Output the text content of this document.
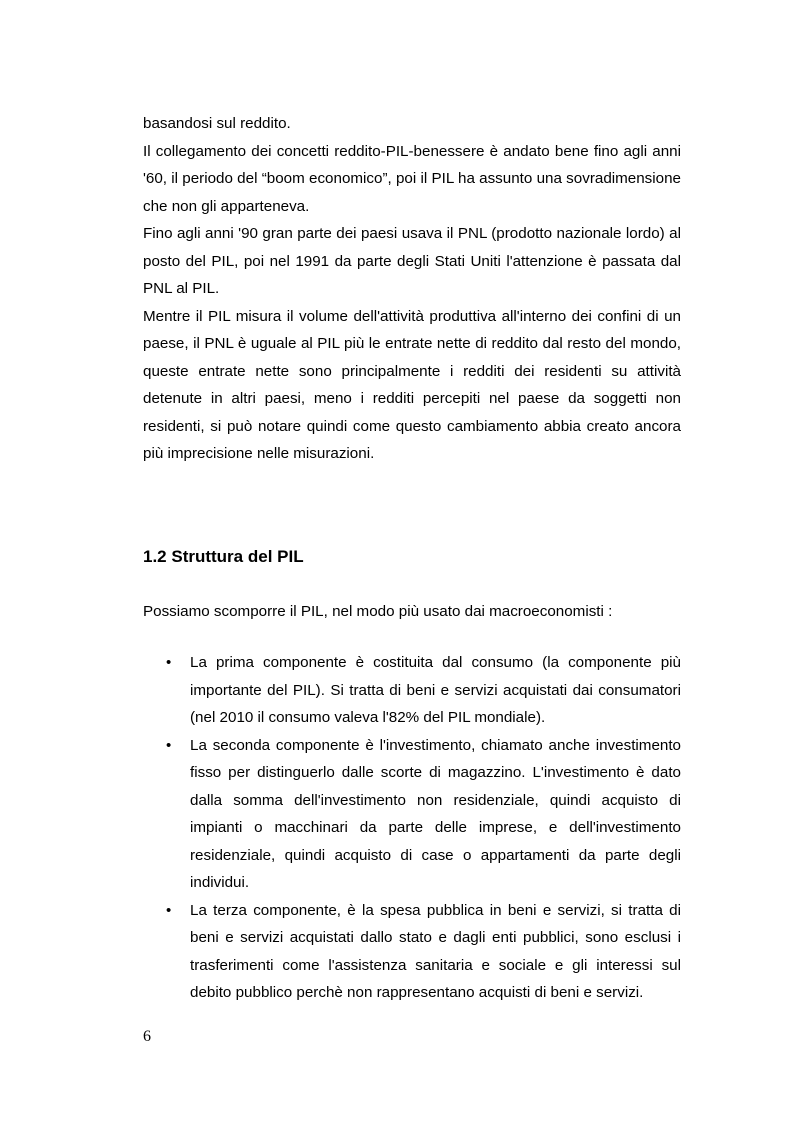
basandosi sul reddito.

Il collegamento dei concetti reddito-PIL-benessere è andato bene fino agli anni '60, il periodo del “boom economico”, poi il PIL ha assunto una sovradimensione che non gli apparteneva.

Fino agli anni '90 gran parte dei paesi usava il PNL (prodotto nazionale lordo) al posto del PIL, poi nel 1991 da parte degli Stati Uniti l'attenzione è passata dal PNL al PIL.

Mentre il PIL misura il volume dell'attività produttiva all'interno dei confini di un paese, il PNL è uguale al PIL più le entrate nette di reddito dal resto del mondo, queste entrate nette sono principalmente i redditi dei residenti su attività detenute in altri paesi, meno i redditi percepiti nel paese da soggetti non residenti, si può notare quindi come questo cambiamento abbia creato ancora più imprecisione nelle misurazioni.

1.2 Struttura del PIL

Possiamo scomporre il PIL, nel modo più usato dai macroeconomisti :

• La prima componente è costituita dal consumo (la componente più importante del PIL). Si tratta di beni e servizi acquistati dai consumatori (nel 2010 il consumo valeva l'82% del PIL mondiale).
• La seconda componente è l'investimento, chiamato anche investimento fisso per distinguerlo dalle scorte di magazzino. L'investimento è dato dalla somma dell'investimento non residenziale, quindi acquisto di impianti o macchinari da parte delle imprese, e dell'investimento residenziale, quindi acquisto di case o appartamenti da parte degli individui.
• La terza componente, è la spesa pubblica in beni e servizi, si tratta di beni e servizi acquistati dallo stato e dagli enti pubblici, sono esclusi i trasferimenti come l'assistenza sanitaria e sociale e gli interessi sul debito pubblico perchè non rappresentano acquisti di beni e servizi.
6
